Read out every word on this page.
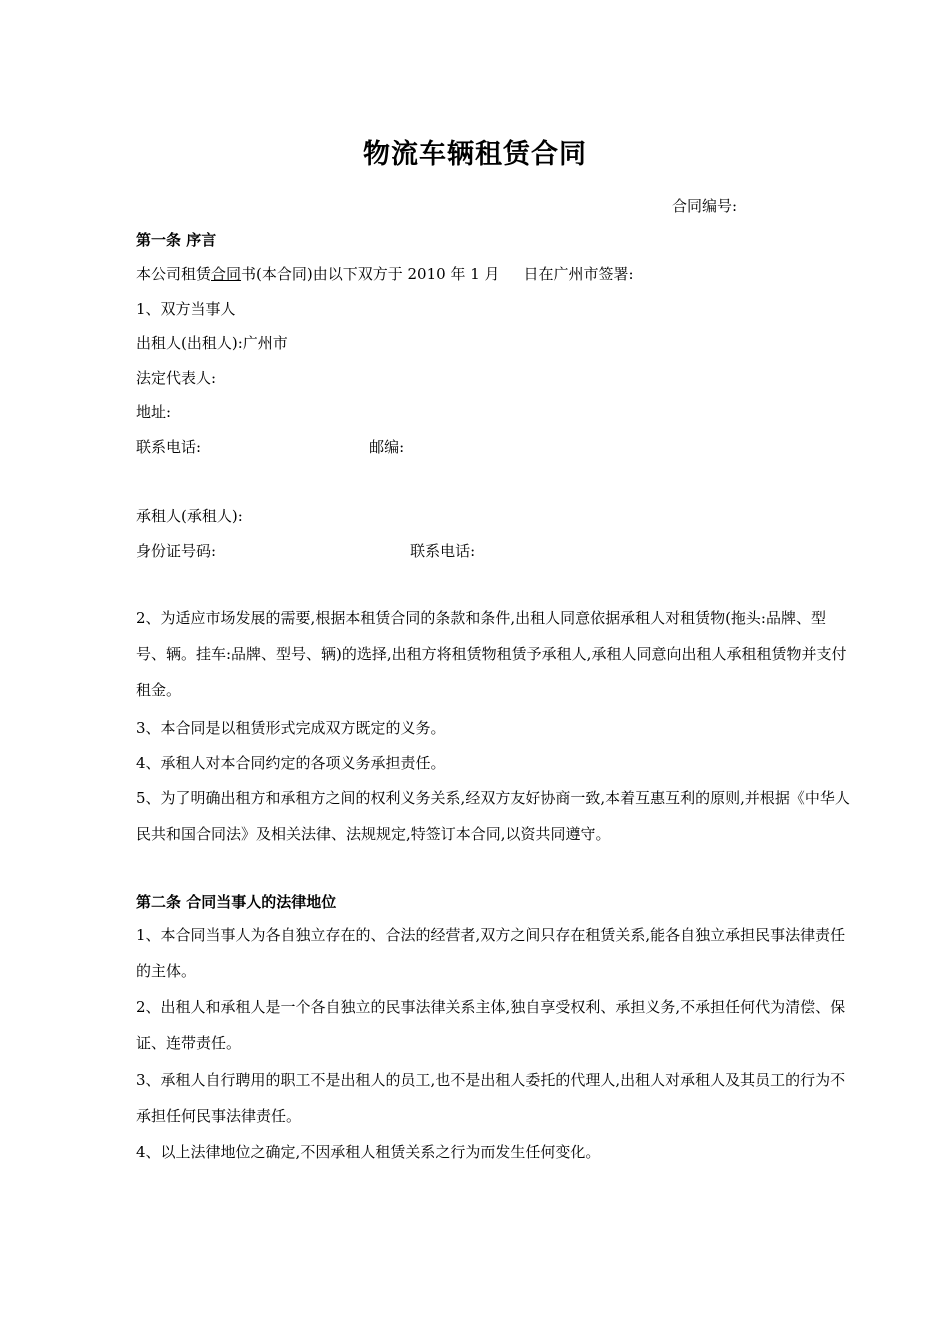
物流车辆租赁合同
合同编号:
第一条 序言
本公司租赁合同书(本合同)由以下双方于 2010 年 1 月 日在广州市签署:
1、双方当事人
出租人(出租人):广州市
法定代表人:
地址:
联系电话:	邮编:
承租人(承租人):
身份证号码:	联系电话:
2、为适应市场发展的需要,根据本租赁合同的条款和条件,出租人同意依据承租人对租赁物(拖头:品牌、型号、辆。挂车:品牌、型号、辆)的选择,出租方将租赁物租赁予承租人,承租人同意向出租人承租租赁物并支付租金。
3、本合同是以租赁形式完成双方既定的义务。
4、承租人对本合同约定的各项义务承担责任。
5、为了明确出租方和承租方之间的权利义务关系,经双方友好协商一致,本着互惠互利的原则,并根据《中华人民共和国合同法》及相关法律、法规规定,特签订本合同,以资共同遵守。
第二条 合同当事人的法律地位
1、本合同当事人为各自独立存在的、合法的经营者,双方之间只存在租赁关系,能各自独立承担民事法律责任的主体。
2、出租人和承租人是一个各自独立的民事法律关系主体,独自享受权利、承担义务,不承担任何代为清偿、保证、连带责任。
3、承租人自行聘用的职工不是出租人的员工,也不是出租人委托的代理人,出租人对承租人及其员工的行为不承担任何民事法律责任。
4、以上法律地位之确定,不因承租人租赁关系之行为而发生任何变化。
